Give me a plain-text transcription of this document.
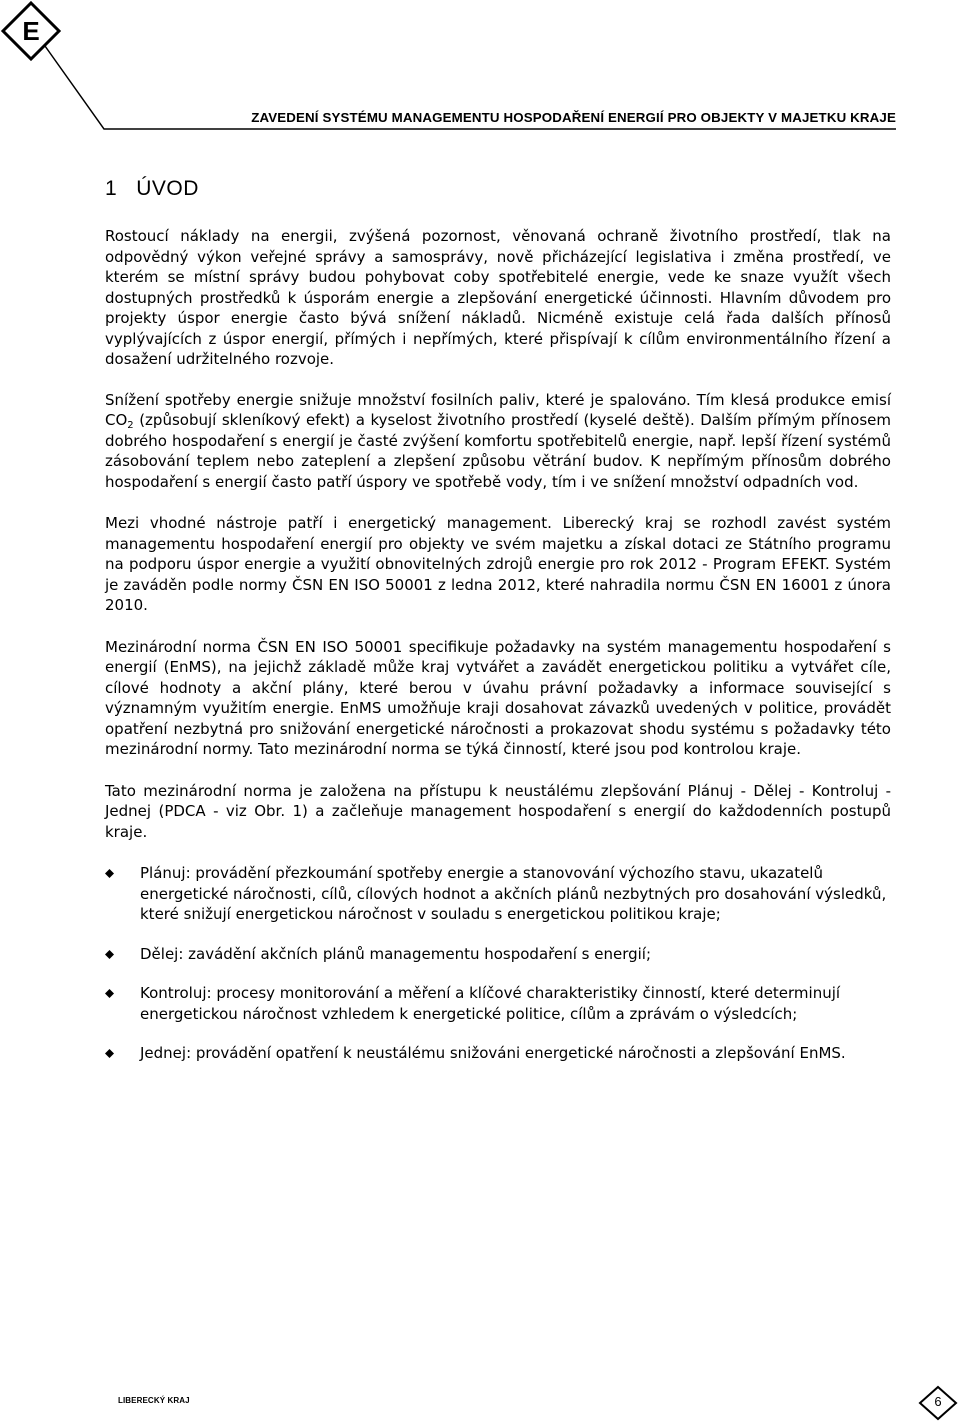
E
ZAVEDENÍ SYSTÉMU MANAGEMENTU HOSPODAŘENÍ ENERGIÍ PRO OBJEKTY V MAJETKU KRAJE
1 ÚVOD

Rostoucí náklady na energii, zvýšená pozornost, věnovaná ochraně životního prostředí, tlak na odpovědný výkon veřejné správy a samosprávy, nově přicházející legislativa i změna prostředí, ve kterém se místní správy budou pohybovat coby spotřebitelé energie, vede ke snaze využít všech dostupných prostředků k úsporám energie a zlepšování energetické účinnosti. Hlavním důvodem pro projekty úspor energie často bývá snížení nákladů. Nicméně existuje celá řada dalších přínosů vyplývajících z úspor energií, přímých i nepřímých, které přispívají k cílům environmentálního řízení a dosažení udržitelného rozvoje.

Snížení spotřeby energie snižuje množství fosilních paliv, které je spalováno. Tím klesá produkce emisí $CO_2$ (způsobují skleníkový efekt) a kyselost životního prostředí (kyselé deště). Dalším přímým přínosem dobrého hospodaření s energií je časté zvýšení komfortu spotřebitelů energie, např. lepší řízení systémů zásobování teplem nebo zateplení a zlepšení způsobu větrání budov. K nepřímým přínosům dobrého hospodaření s energií často patří úspory ve spotřebě vody, tím i ve snížení množství odpadních vod.

Mezi vhodné nástroje patří i energetický management. Liberecký kraj se rozhodl zavést systém managementu hospodaření energií pro objekty ve svém majetku a získal dotaci ze Státního programu na podporu úspor energie a využití obnovitelných zdrojů energie pro rok 2012 - Program EFEKT. Systém je zaváděn podle normy ČSN EN ISO 50001 z ledna 2012, které nahradila normu ČSN EN 16001 z února 2010.

Mezinárodní norma ČSN EN ISO 50001 specifikuje požadavky na systém managementu hospodaření s energií (EnMS), na jejichž základě může kraj vytvářet a zavádět energetickou politiku a vytvářet cíle, cílové hodnoty a akční plány, které berou v úvahu právní požadavky a informace související s významným využitím energie. EnMS umožňuje kraji dosahovat závazků uvedených v politice, provádět opatření nezbytná pro snižování energetické náročnosti a prokazovat shodu systému s požadavky této mezinárodní normy. Tato mezinárodní norma se týká činností, které jsou pod kontrolou kraje.

Tato mezinárodní norma je založena na přístupu k neustálému zlepšování Plánuj - Dělej - Kontroluj - Jednej (PDCA - viz Obr. 1) a začleňuje management hospodaření s energií do každodenních postupů kraje.

Plánuj: provádění přezkoumání spotřeby energie a stanovování výchozího stavu, ukazatelů energetické náročnosti, cílů, cílových hodnot a akčních plánů nezbytných pro dosahování výsledků, které snižují energetickou náročnost v souladu s energetickou politikou kraje;
Dělej: zavádění akčních plánů managementu hospodaření s energií;
Kontroluj: procesy monitorování a měření a klíčové charakteristiky činností, které determinují energetickou náročnost vzhledem k energetické politice, cílům a zprávám o výsledcích;
Jednej: provádění opatření k neustálému snižováni energetické náročnosti a zlepšování EnMS.
LIBERECKÝ KRAJ	6
